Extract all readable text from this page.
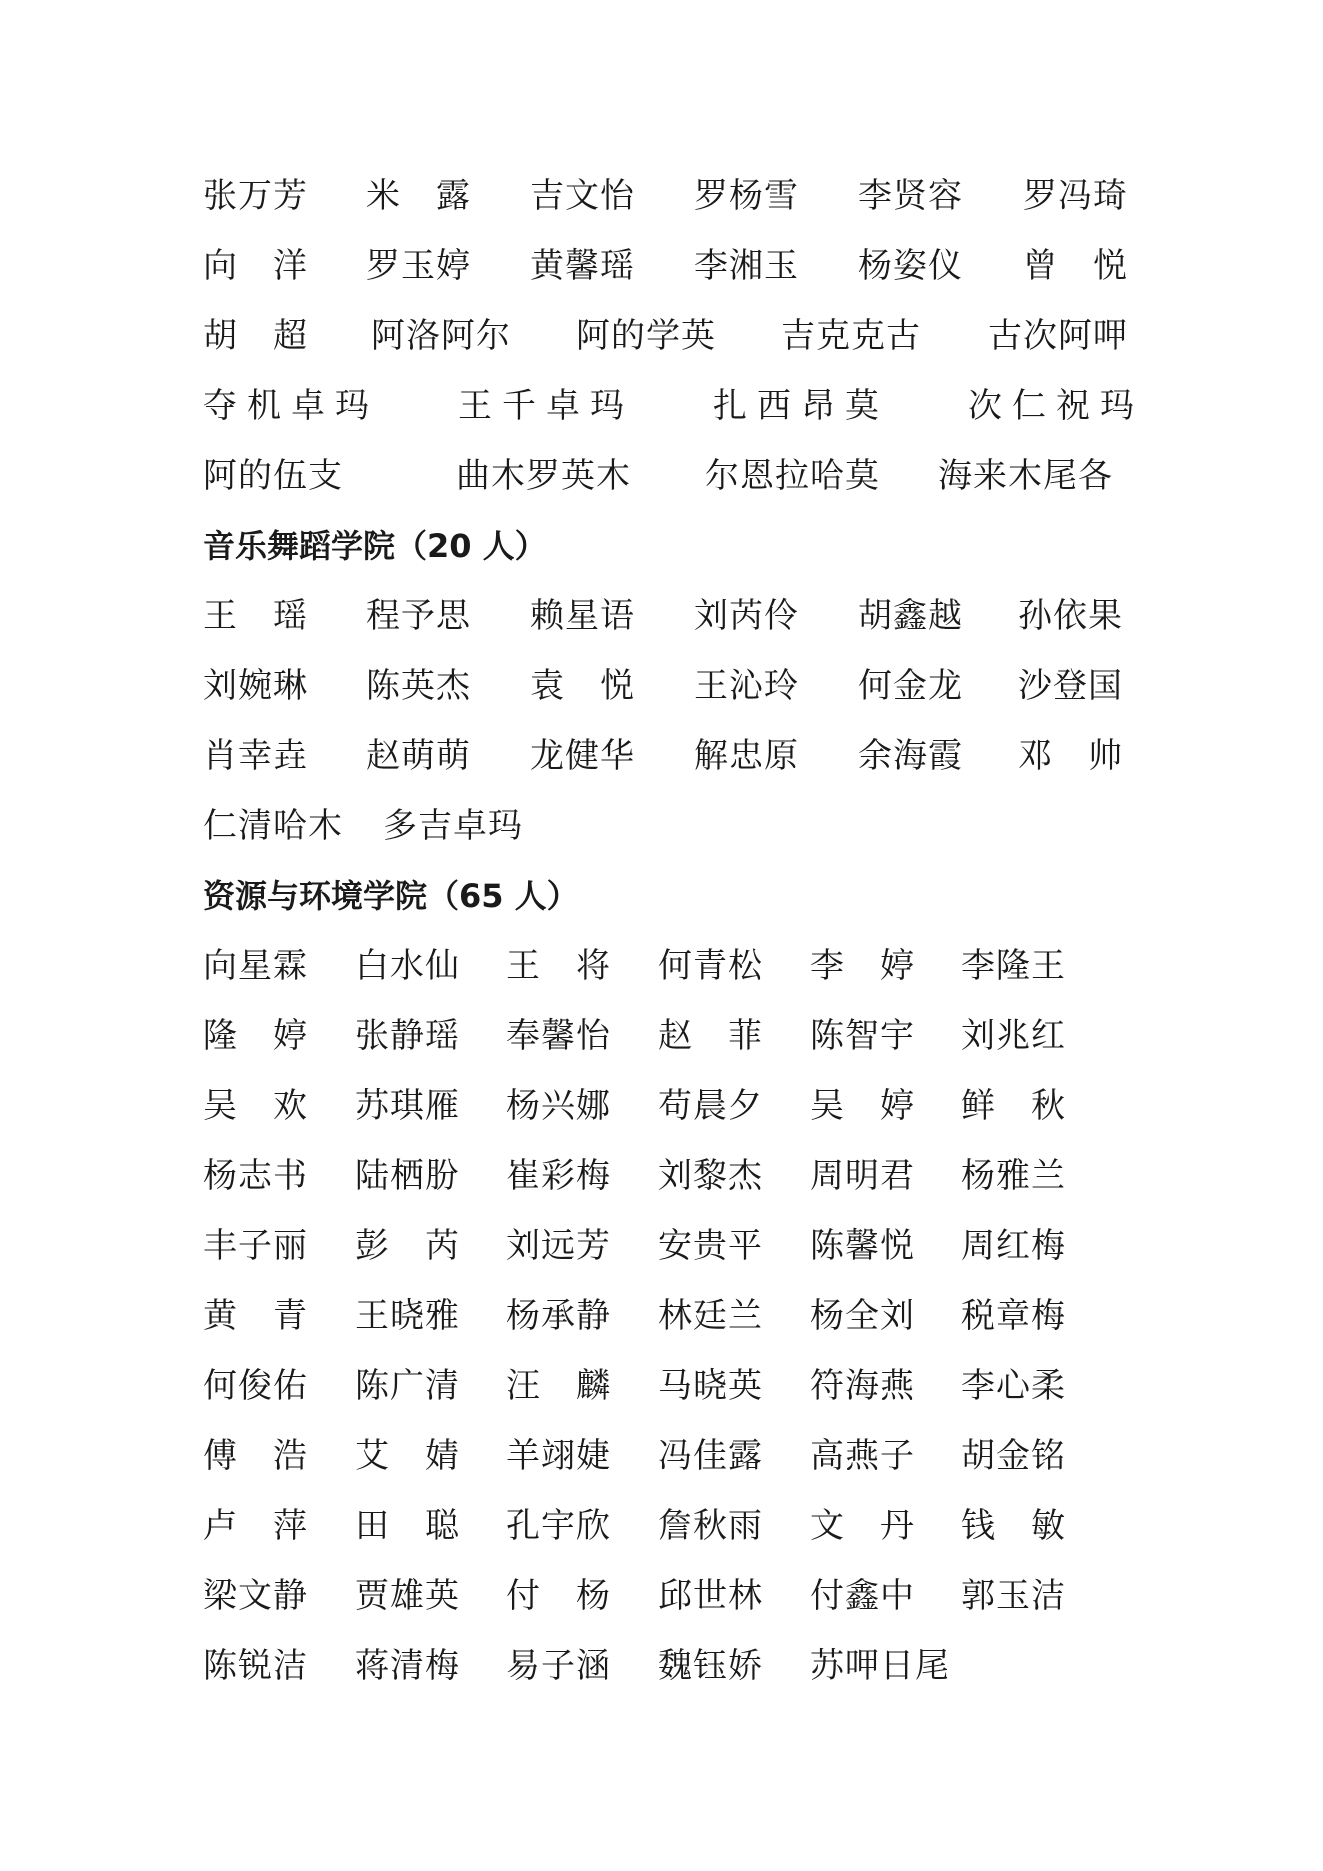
张万芳 米　露 吉文怡 罗杨雪 李贤容 罗冯琦
向　洋 罗玉婷 黄馨瑶 李湘玉 杨姿仪 曾　悦
胡　超 阿洛阿尔 阿的学英 吉克克古 古次阿呷
夺机卓玛 王千卓玛 扎西昂莫 次仁祝玛
阿的伍支	曲木罗英木 尔恩拉哈莫 海来木尾各
音乐舞蹈学院（20 人）
王　瑶 程予思 赖星语 刘芮伶 胡鑫越 孙依果
刘婉琳 陈英杰 袁　悦 王沁玲 何金龙 沙登国
肖幸垚 赵萌萌 龙健华 解忠原 余海霞 邓　帅
仁清哈木 多吉卓玛
资源与环境学院（65 人）
向星霖 白水仙 王　将 何青松 李　婷 李隆王
隆　婷 张静瑶 奉馨怡 赵　菲 陈智宇 刘兆红
吴　欢 苏琪雁 杨兴娜 苟晨夕 吴　婷 鲜　秋
杨志书 陆栖朌 崔彩梅 刘黎杰 周明君 杨雅兰
丰子丽 彭　芮 刘远芳 安贵平 陈馨悦 周红梅
黄　青 王晓雅 杨承静 林廷兰 杨全刘 税章梅
何俊佑 陈广清 汪　麟 马晓英 符海燕 李心柔
傅　浩 艾　婧 羊翊婕 冯佳露 高燕子 胡金铭
卢　萍 田　聪 孔宇欣 詹秋雨 文　丹 钱　敏
梁文静 贾雄英 付　杨 邱世林 付鑫中 郭玉洁
陈锐洁 蒋清梅 易子涵 魏钰娇 苏呷日尾
